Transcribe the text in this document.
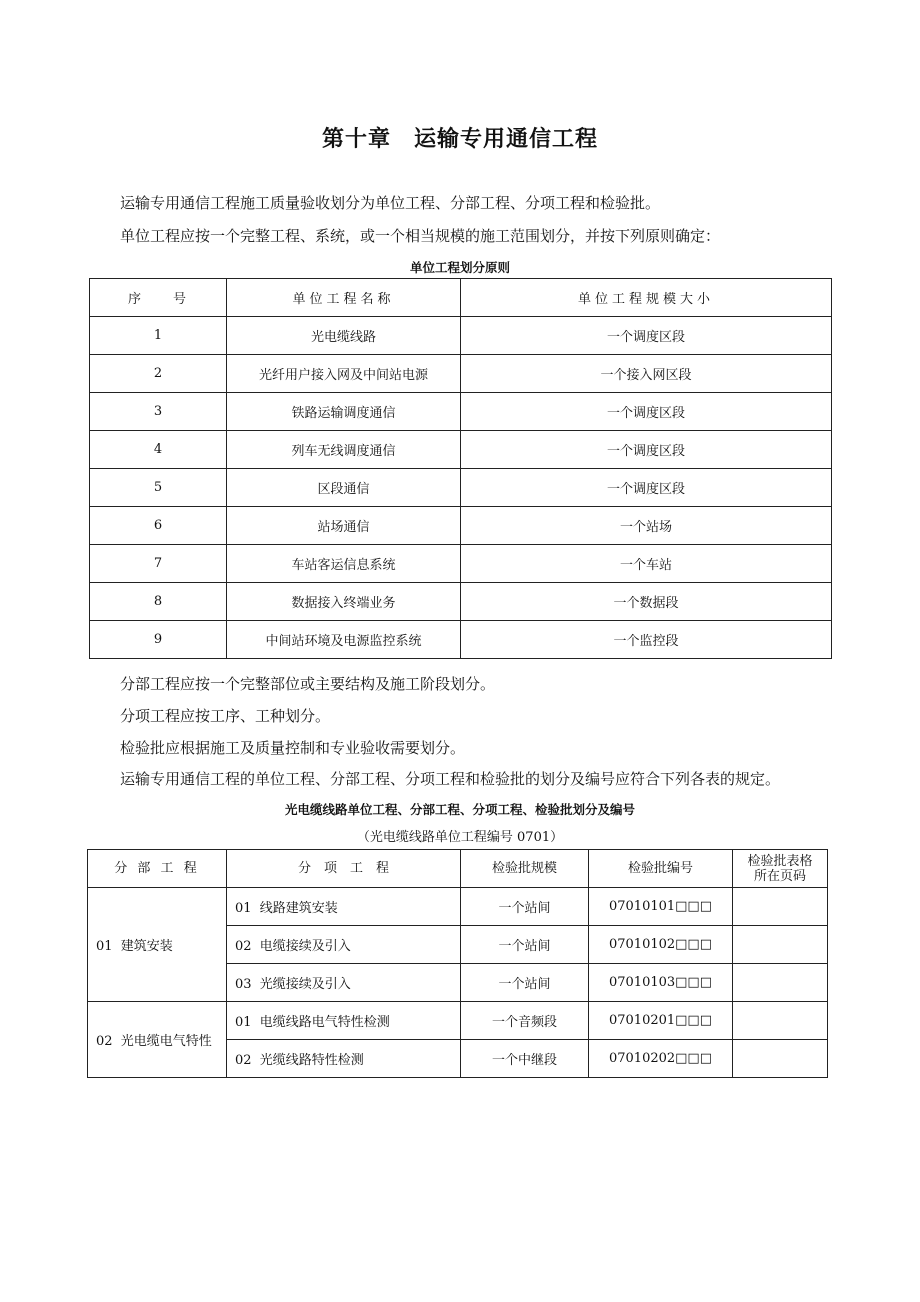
第十章　运输专用通信工程
运输专用通信工程施工质量验收划分为单位工程、分部工程、分项工程和检验批。
单位工程应按一个完整工程、系统，或一个相当规模的施工范围划分，并按下列原则确定：
单位工程划分原则
序　　号	单位工程名称	单位工程规模大小
1	光电缆线路	一个调度区段
2	光纤用户接入网及中间站电源	一个接入网区段
3	铁路运输调度通信	一个调度区段
4	列车无线调度通信	一个调度区段
5	区段通信	一个调度区段
6	站场通信	一个站场
7	车站客运信息系统	一个车站
8	数据接入终端业务	一个数据段
9	中间站环境及电源监控系统	一个监控段
分部工程应按一个完整部位或主要结构及施工阶段划分。
分项工程应按工序、工种划分。
检验批应根据施工及质量控制和专业验收需要划分。
运输专用通信工程的单位工程、分部工程、分项工程和检验批的划分及编号应符合下列各表的规定。
光电缆线路单位工程、分部工程、分项工程、检验批划分及编号
（光电缆线路单位工程编号 0701）
分 部 工 程	分　项　工　程	检验批规模	检验批编号	检验批表格
所在页码
01  建筑安装	01  线路建筑安装	一个站间	07010101□□□	
	02  电缆接续及引入	一个站间	07010102□□□	
	03  光缆接续及引入	一个站间	07010103□□□	
02  光电缆电气特性	01  电缆线路电气特性检测	一个音频段	07010201□□□	
	02  光缆线路特性检测	一个中继段	07010202□□□	
